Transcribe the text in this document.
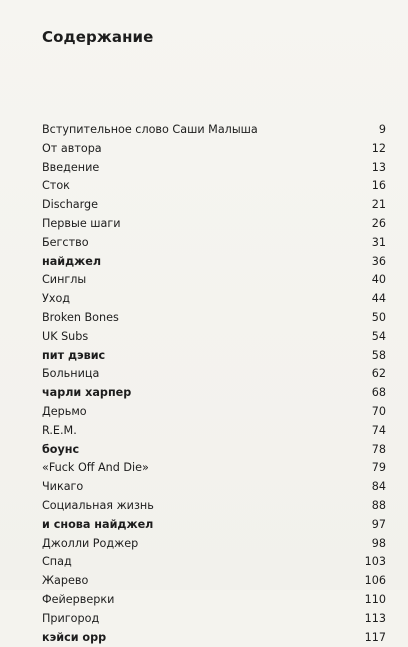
Содержание
Вступительное слово Саши Малыша	9
От автора	12
Введение	13
Сток	16
Discharge	21
Первые шаги	26
Бегство	31
найджел	36
Синглы	40
Уход	44
Broken Bones	50
UK Subs	54
пит дэвис	58
Больница	62
чарли харпер	68
Дерьмо	70
R.E.M.	74
боунс	78
«Fuck Off And Die»	79
Чикаго	84
Социальная жизнь	88
и снова найджел	97
Джолли Роджер	98
Спад	103
Жарево	106
Фейерверки	110
Пригород	113
кэйси орр	117
